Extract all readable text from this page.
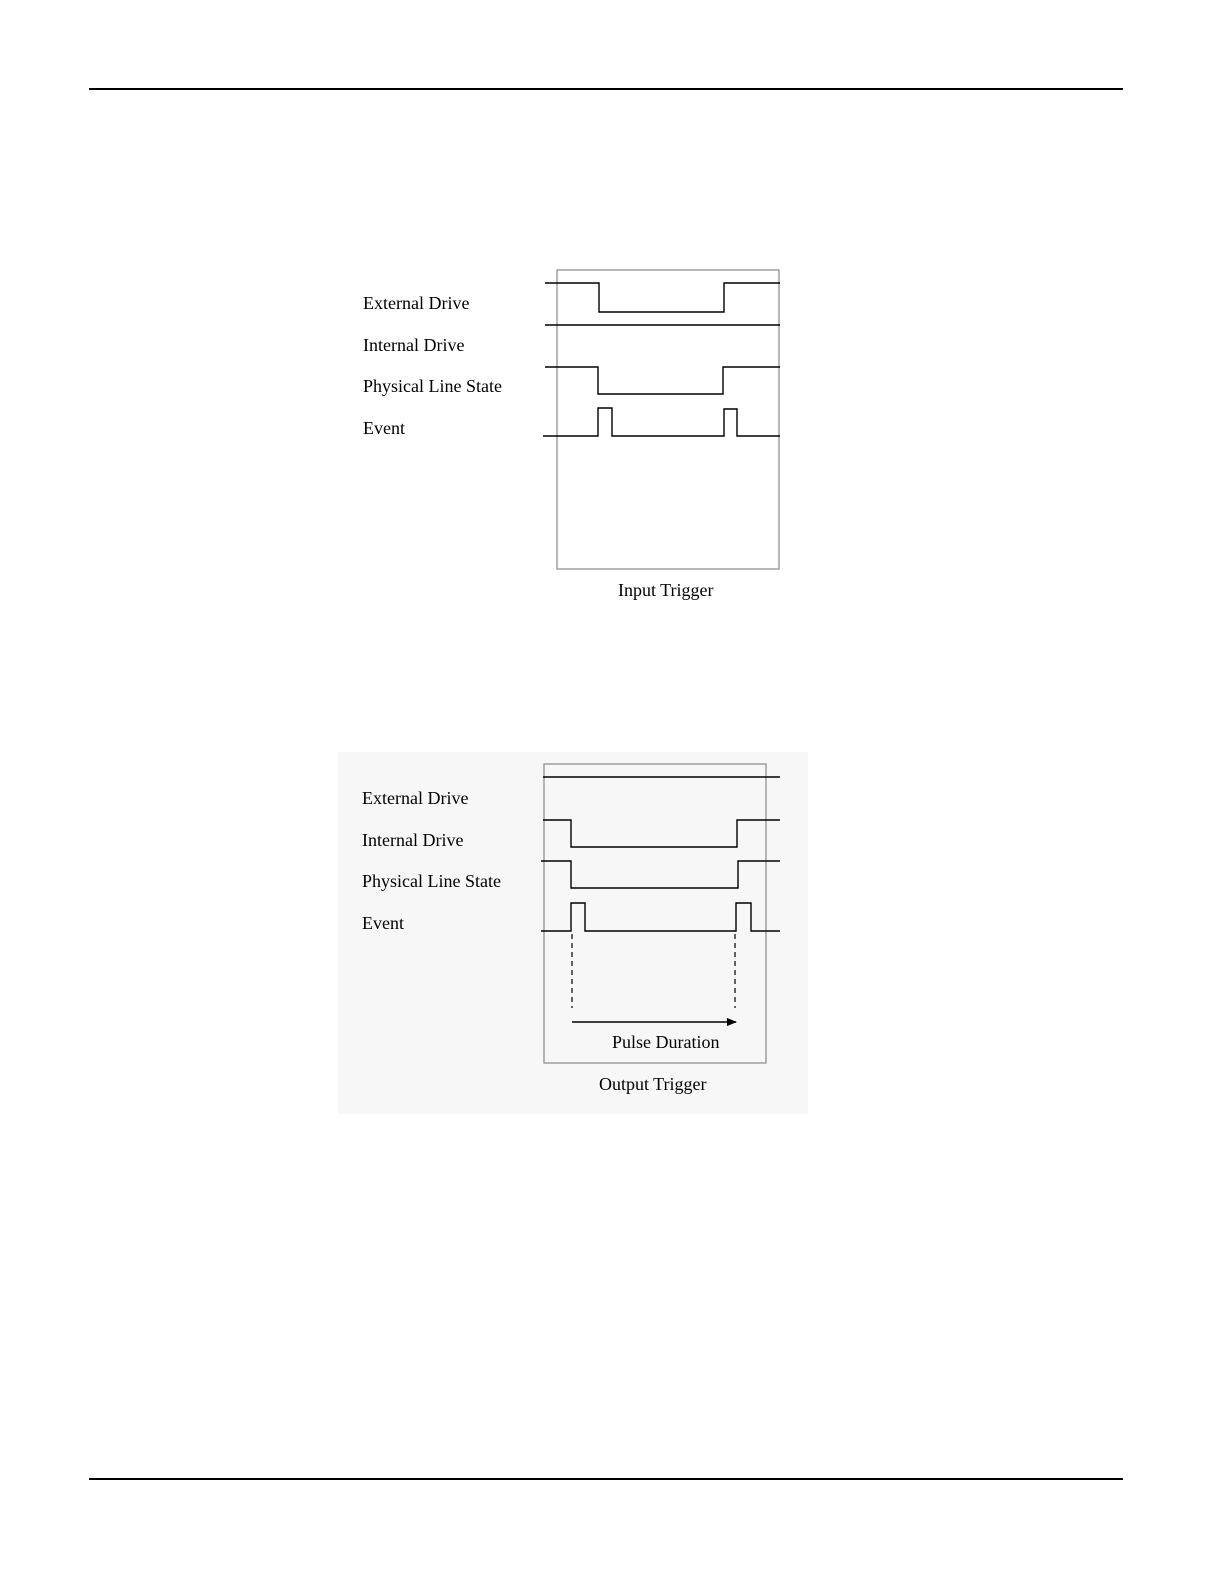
External Drive
Internal Drive
Physical Line State
Event
Input Trigger
External Drive
Internal Drive
Physical Line State
Event
Pulse Duration
Output Trigger
